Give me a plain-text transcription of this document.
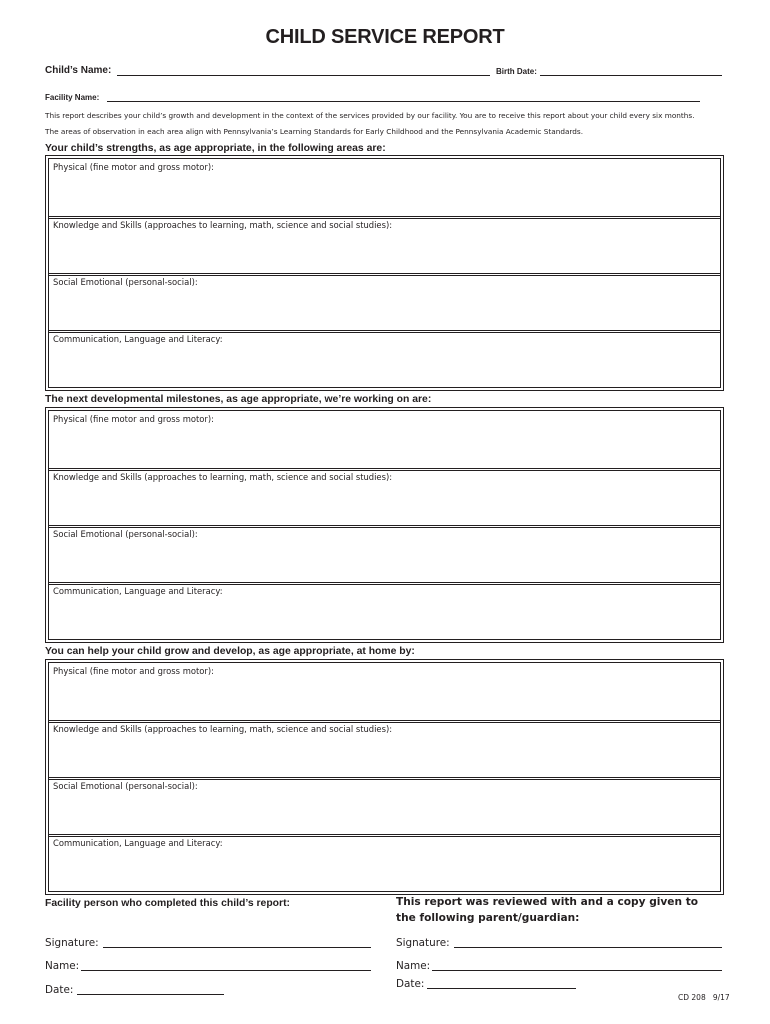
CHILD SERVICE REPORT
Child’s Name:	Birth Date:
Facility Name:
This report describes your child’s growth and development in the context of the services provided by our facility. You are to receive this report about your child every six months.
The areas of observation in each area align with Pennsylvania’s Learning Standards for Early Childhood and the Pennsylvania Academic Standards.
Your child’s strengths, as age appropriate, in the following areas are:
Physical (fine motor and gross motor):
Knowledge and Skills (approaches to learning, math, science and social studies):
Social Emotional (personal-social):
Communication, Language and Literacy:
The next developmental milestones, as age appropriate, we’re working on are:
Physical (fine motor and gross motor):
Knowledge and Skills (approaches to learning, math, science and social studies):
Social Emotional (personal-social):
Communication, Language and Literacy:
You can help your child grow and develop, as age appropriate, at home by:
Physical (fine motor and gross motor):
Knowledge and Skills (approaches to learning, math, science and social studies):
Social Emotional (personal-social):
Communication, Language and Literacy:
Facility person who completed this child’s report:
Signature:
Name:
Date:
This report was reviewed with and a copy given to
the following parent/guardian:
Signature:
Name:
Date:
CD 208   9/17
